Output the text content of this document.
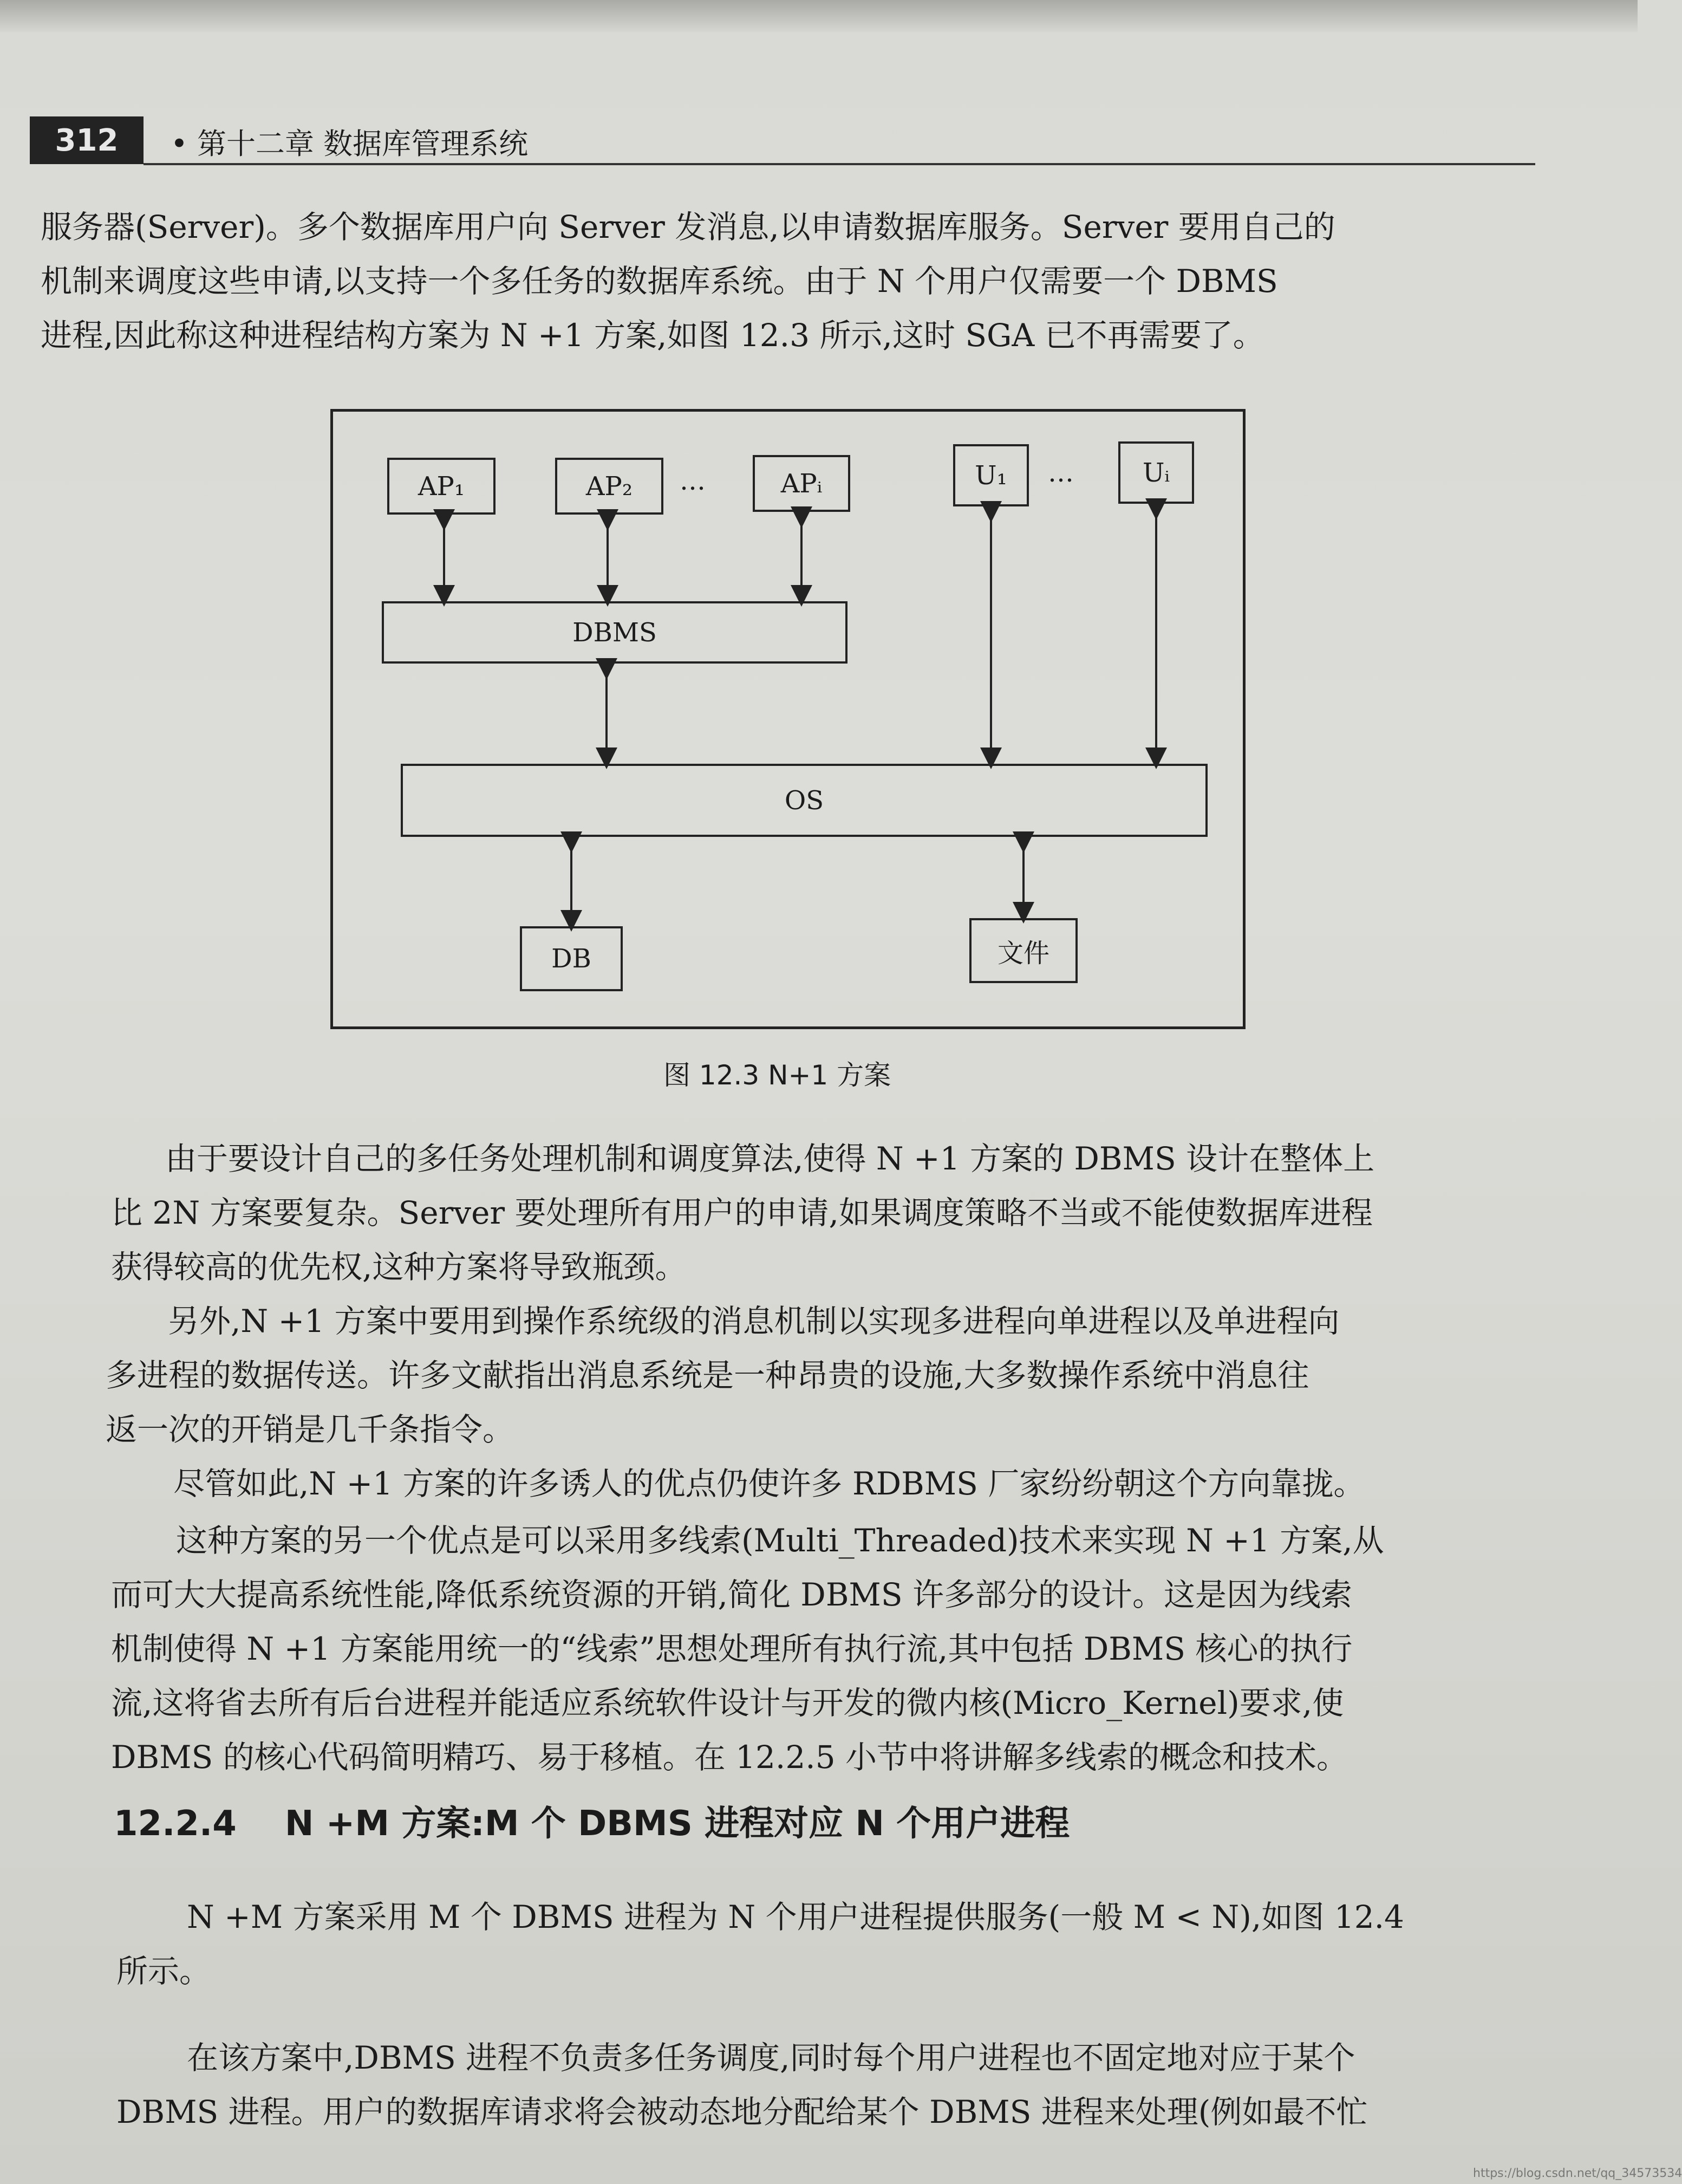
312	• 第十二章 数据库管理系统
服务器(Server)。多个数据库用户向 Server 发消息,以申请数据库服务。Server 要用自己的
机制来调度这些申请,以支持一个多任务的数据库系统。由于 N 个用户仅需要一个 DBMS
进程,因此称这种进程结构方案为 N +1 方案,如图 12.3 所示,这时 SGA 已不再需要了。
AP₁	AP₂	…	APᵢ	U₁	…	Uᵢ
DBMS
OS
DB	文件
图 12.3 N+1 方案
由于要设计自己的多任务处理机制和调度算法,使得 N +1 方案的 DBMS 设计在整体上
比 2N 方案要复杂。Server 要处理所有用户的申请,如果调度策略不当或不能使数据库进程
获得较高的优先权,这种方案将导致瓶颈。
另外,N +1 方案中要用到操作系统级的消息机制以实现多进程向单进程以及单进程向
多进程的数据传送。许多文献指出消息系统是一种昂贵的设施,大多数操作系统中消息往
返一次的开销是几千条指令。
尽管如此,N +1 方案的许多诱人的优点仍使许多 RDBMS 厂家纷纷朝这个方向靠拢。
这种方案的另一个优点是可以采用多线索(Multi_Threaded)技术来实现 N +1 方案,从
而可大大提高系统性能,降低系统资源的开销,简化 DBMS 许多部分的设计。这是因为线索
机制使得 N +1 方案能用统一的“线索”思想处理所有执行流,其中包括 DBMS 核心的执行
流,这将省去所有后台进程并能适应系统软件设计与开发的微内核(Micro_Kernel)要求,使
DBMS 的核心代码简明精巧、易于移植。在 12.2.5 小节中将讲解多线索的概念和技术。
12.2.4 N +M 方案:M 个 DBMS 进程对应 N 个用户进程
N +M 方案采用 M 个 DBMS 进程为 N 个用户进程提供服务(一般 M < N),如图 12.4
所示。
在该方案中,DBMS 进程不负责多任务调度,同时每个用户进程也不固定地对应于某个
DBMS 进程。用户的数据库请求将会被动态地分配给某个 DBMS 进程来处理(例如最不忙
https://blog.csdn.net/qq_34573534
